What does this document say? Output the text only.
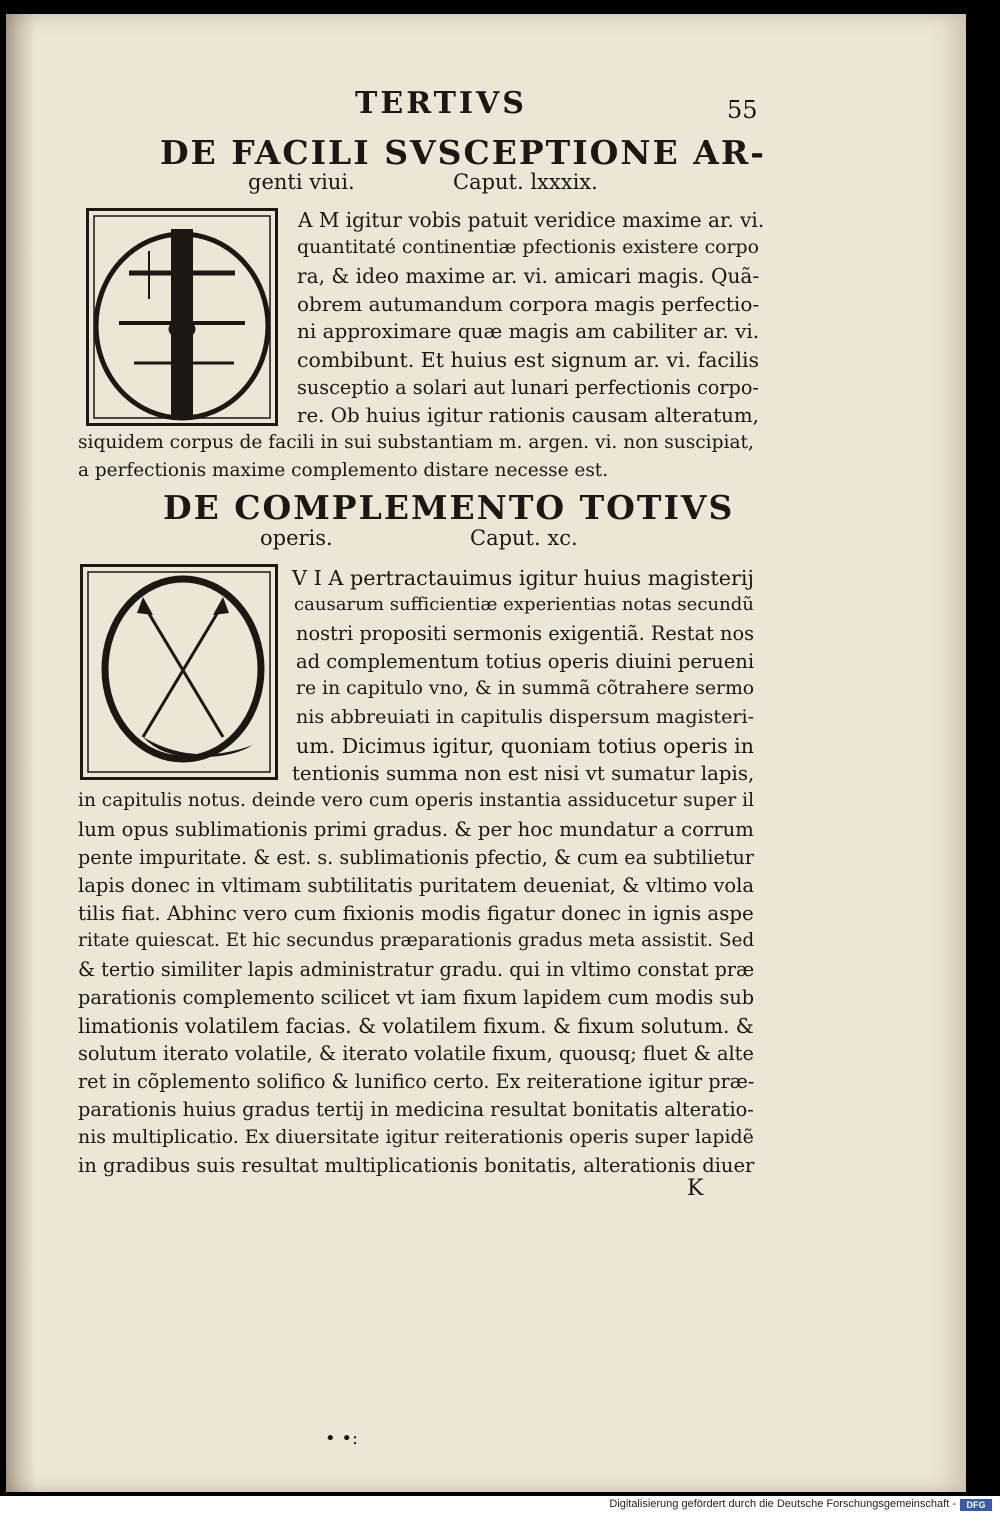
TERTIVS	55
DE FACILI SVSCEPTIONE AR-
genti viui.	Caput. lxxxix.
A M igitur vobis patuit veridice maxime ar. vi.
quantitaté continentiæ pfectionis existere corpo
ra, & ideo maxime ar. vi. amicari magis. Quã-
obrem autumandum corpora magis perfectio-
ni approximare quæ magis am cabiliter ar. vi.
combibunt. Et huius est signum ar. vi. facilis
susceptio a solari aut lunari perfectionis corpo-
re. Ob huius igitur rationis causam alteratum,
siquidem corpus de facili in sui substantiam m. argen. vi. non suscipiat,
a perfectionis maxime complemento distare necesse est.
DE COMPLEMENTO TOTIVS
operis.	Caput. xc.
V I A pertractauimus igitur huius magisterij
causarum sufficientiæ experientias notas secundũ
nostri propositi sermonis exigentiã. Restat nos
ad complementum totius operis diuini perueni
re in capitulo vno, & in summã cõtrahere sermo
nis abbreuiati in capitulis dispersum magisteri-
um. Dicimus igitur, quoniam totius operis in
tentionis summa non est nisi vt sumatur lapis,
in capitulis notus. deinde vero cum operis instantia assiducetur super il
lum opus sublimationis primi gradus. & per hoc mundatur a corrum
pente impuritate. & est. s. sublimationis pfectio, & cum ea subtilietur
lapis donec in vltimam subtilitatis puritatem deueniat, & vltimo vola
tilis fiat. Abhinc vero cum fixionis modis figatur donec in ignis aspe
ritate quiescat. Et hic secundus præparationis gradus meta assistit. Sed
& tertio similiter lapis administratur gradu. qui in vltimo constat præ
parationis complemento scilicet vt iam fixum lapidem cum modis sub
limationis volatilem facias. & volatilem fixum. & fixum solutum. &
solutum iterato volatile, & iterato volatile fixum, quousq; fluet & alte
ret in cõplemento solifico & lunifico certo. Ex reiteratione igitur præ-
parationis huius gradus tertij in medicina resultat bonitatis alteratio-
nis multiplicatio. Ex diuersitate igitur reiterationis operis super lapidẽ
in gradibus suis resultat multiplicationis bonitatis, alterationis diuer
K
• •:
Digitalisierung gefördert durch die Deutsche Forschungsgemeinschaft -	DFG
